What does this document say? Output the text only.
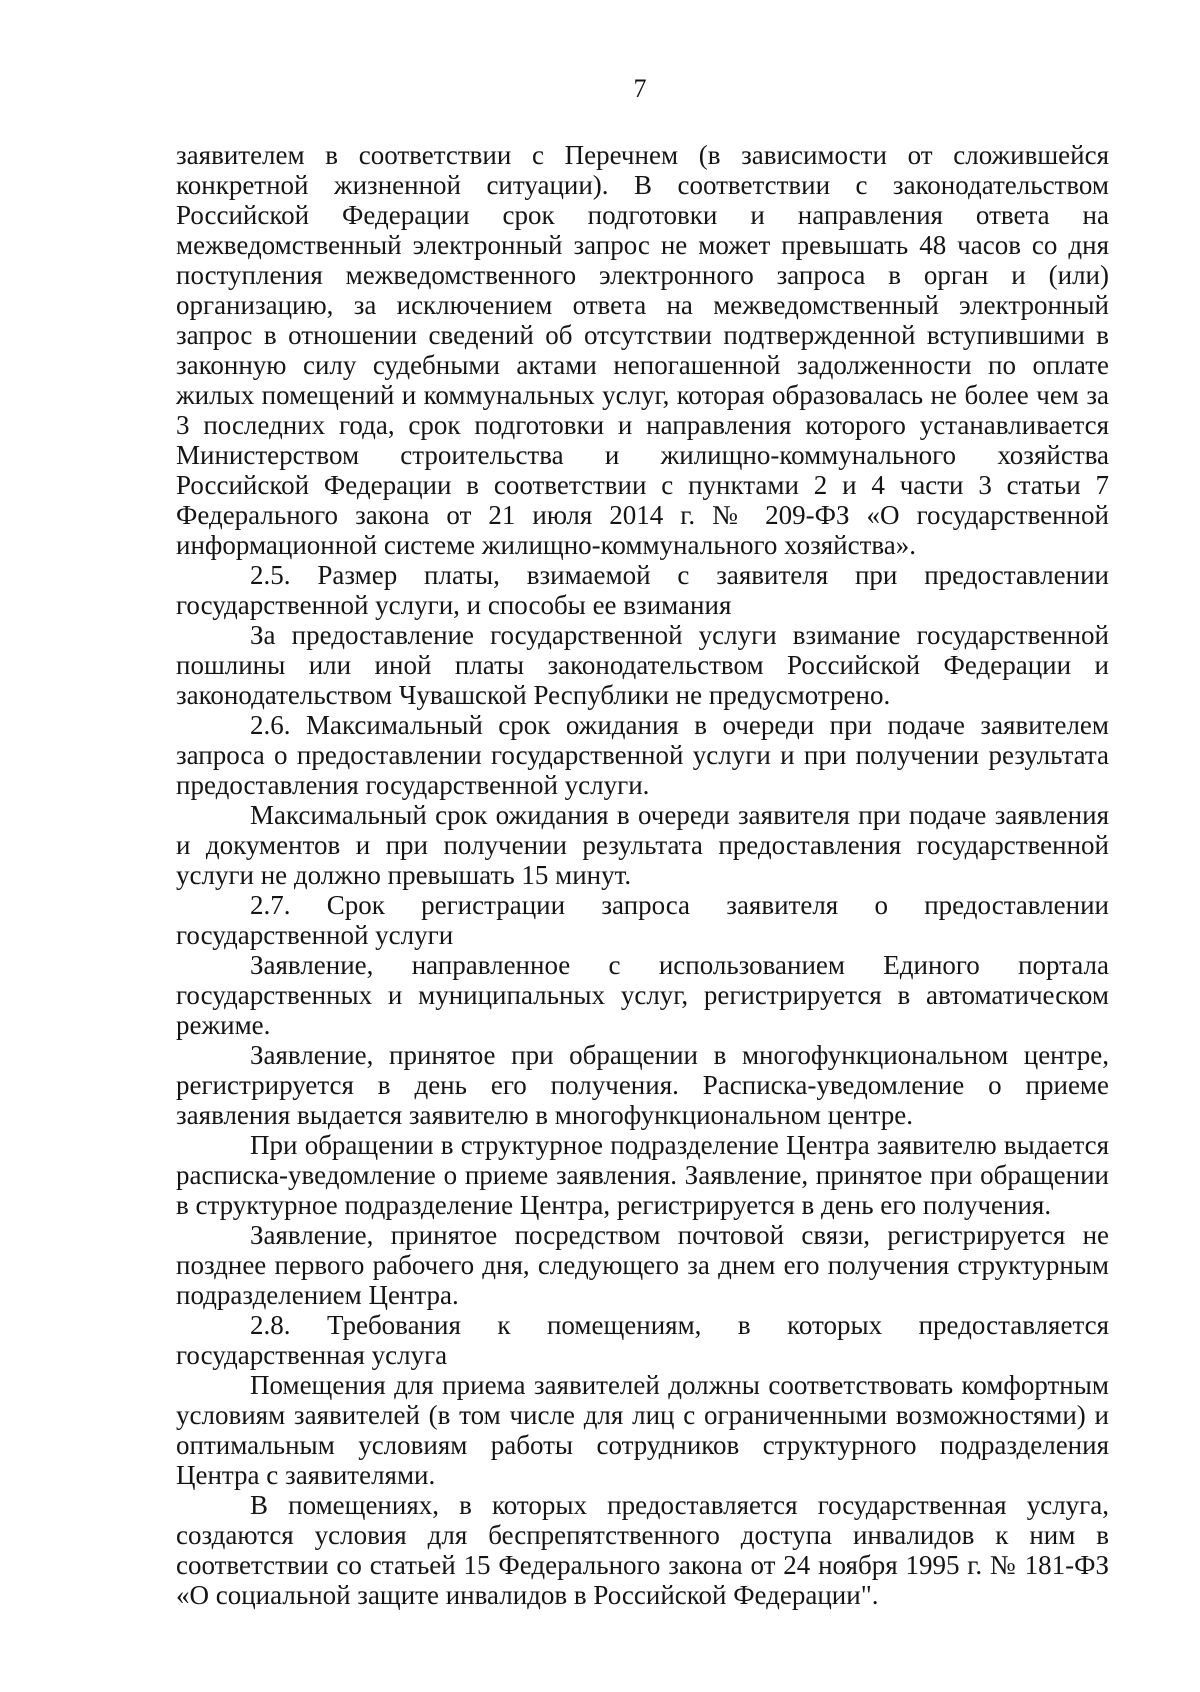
7

заявителем в соответствии с Перечнем (в зависимости от сложившейся конкретной жизненной ситуации). В соответствии с законодательством Российской Федерации срок подготовки и направления ответа на межведомственный электронный запрос не может превышать 48 часов со дня поступления межведомственного электронного запроса в орган и (или) организацию, за исключением ответа на межведомственный электронный запрос в отношении сведений об отсутствии подтвержденной вступившими в законную силу судебными актами непогашенной задолженности по оплате жилых помещений и коммунальных услуг, которая образовалась не более чем за 3 последних года, срок подготовки и направления которого устанавливается Министерством строительства и жилищно-коммунального хозяйства Российской Федерации в соответствии с пунктами 2 и 4 части 3 статьи 7 Федерального закона от 21 июля 2014 г. № 209-ФЗ «О государственной информационной системе жилищно-коммунального хозяйства».

2.5. Размер платы, взимаемой с заявителя при предоставлении государственной услуги, и способы ее взимания

За предоставление государственной услуги взимание государственной пошлины или иной платы законодательством Российской Федерации и законодательством Чувашской Республики не предусмотрено.

2.6. Максимальный срок ожидания в очереди при подаче заявителем запроса о предоставлении государственной услуги и при получении результата предоставления государственной услуги.

Максимальный срок ожидания в очереди заявителя при подаче заявления и документов и при получении результата предоставления государственной услуги не должно превышать 15 минут.

2.7. Срок регистрации запроса заявителя о предоставлении государственной услуги

Заявление, направленное с использованием Единого портала государственных и муниципальных услуг, регистрируется в автоматическом режиме.

Заявление, принятое при обращении в многофункциональном центре, регистрируется в день его получения. Расписка-уведомление о приеме заявления выдается заявителю в многофункциональном центре.

При обращении в структурное подразделение Центра заявителю выдается расписка-уведомление о приеме заявления. Заявление, принятое при обращении в структурное подразделение Центра, регистрируется в день его получения.

Заявление, принятое посредством почтовой связи, регистрируется не позднее первого рабочего дня, следующего за днем его получения структурным подразделением Центра.

2.8. Требования к помещениям, в которых предоставляется государственная услуга

Помещения для приема заявителей должны соответствовать комфортным условиям заявителей (в том числе для лиц с ограниченными возможностями) и оптимальным условиям работы сотрудников структурного подразделения Центра с заявителями.

В помещениях, в которых предоставляется государственная услуга, создаются условия для беспрепятственного доступа инвалидов к ним в соответствии со статьей 15 Федерального закона от 24 ноября 1995 г. № 181-ФЗ «О социальной защите инвалидов в Российской Федерации".
